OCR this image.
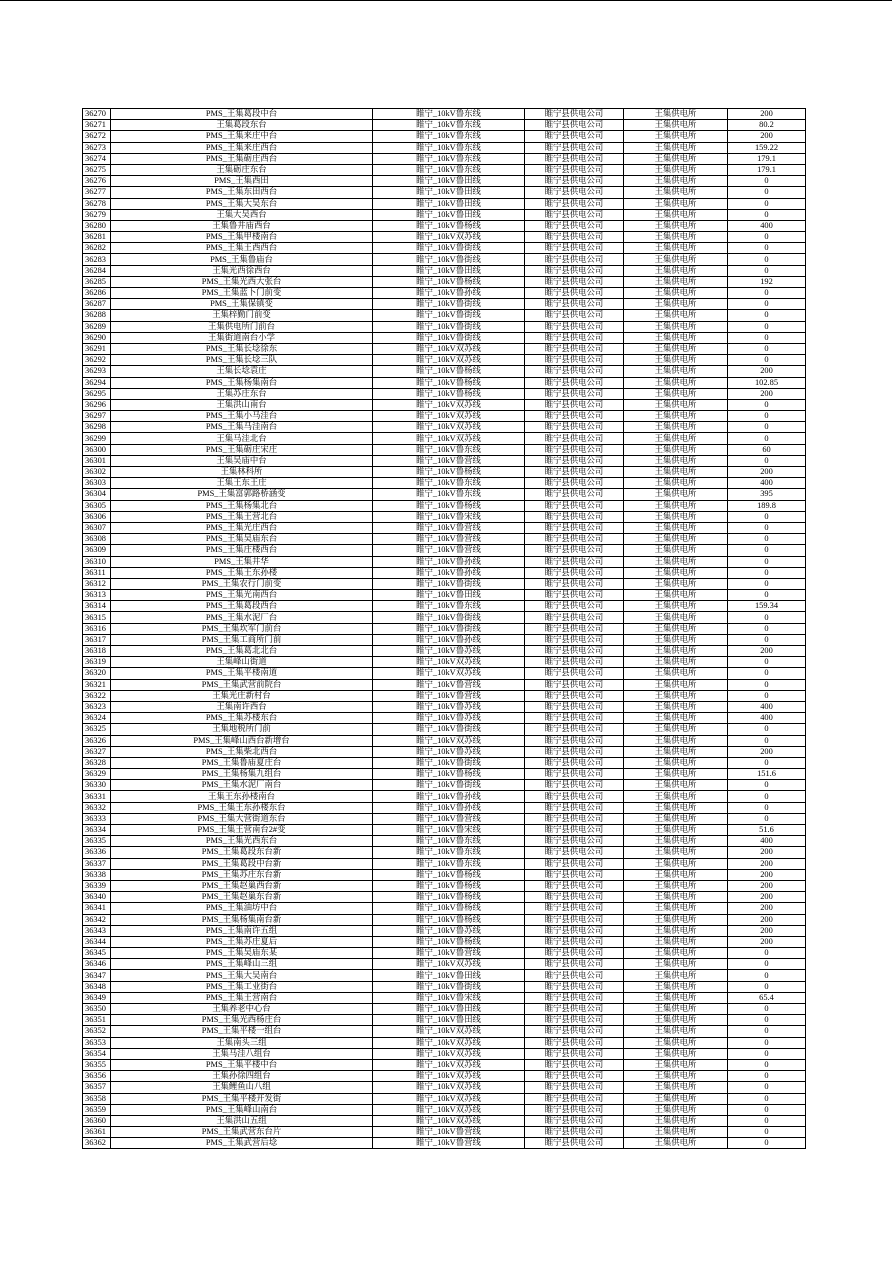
36270	PMS_王集葛段中台	睢宁_10kV鲁东线	睢宁县供电公司	王集供电所	200
36271	王集葛段东台	睢宁_10kV鲁东线	睢宁县供电公司	王集供电所	80.2
36272	PMS_王集来庄中台	睢宁_10kV鲁东线	睢宁县供电公司	王集供电所	200
36273	PMS_王集来庄西台	睢宁_10kV鲁东线	睢宁县供电公司	王集供电所	159.22
36274	PMS_王集砺庄西台	睢宁_10kV鲁东线	睢宁县供电公司	王集供电所	179.1
36275	王集砺庄东台	睢宁_10kV鲁东线	睢宁县供电公司	王集供电所	179.1
36276	PMS_王集西田	睢宁_10kV鲁田线	睢宁县供电公司	王集供电所	0
36277	PMS_王集东田西台	睢宁_10kV鲁田线	睢宁县供电公司	王集供电所	0
36278	PMS_王集大吴东台	睢宁_10kV鲁田线	睢宁县供电公司	王集供电所	0
36279	王集大吴西台	睢宁_10kV鲁田线	睢宁县供电公司	王集供电所	0
36280	王集鲁井庙西台	睢宁_10kV鲁杨线	睢宁县供电公司	王集供电所	400
36281	PMS_王集甲楼南台	睢宁_10kV双苏线	睢宁县供电公司	王集供电所	0
36282	PMS_王集王西西台	睢宁_10kV鲁街线	睢宁县供电公司	王集供电所	0
36283	PMS_王集鲁庙台	睢宁_10kV鲁街线	睢宁县供电公司	王集供电所	0
36284	王集光西徐西台	睢宁_10kV鲁田线	睢宁县供电公司	王集供电所	0
36285	PMS_王集光西大张台	睢宁_10kV鲁杨线	睢宁县供电公司	王集供电所	192
36286	PMS_王集蓝卜门前变	睢宁_10kV鲁孙线	睢宁县供电公司	王集供电所	0
36287	PMS_王集保镇变	睢宁_10kV鲁街线	睢宁县供电公司	王集供电所	0
36288	王集梓勤门前变	睢宁_10kV鲁街线	睢宁县供电公司	王集供电所	0
36289	王集供电所门前台	睢宁_10kV鲁街线	睢宁县供电公司	王集供电所	0
36290	王集街道南台小学	睢宁_10kV鲁街线	睢宁县供电公司	王集供电所	0
36291	PMS_王集长埝徐东	睢宁_10kV双苏线	睢宁县供电公司	王集供电所	0
36292	PMS_王集长埝三队	睢宁_10kV双苏线	睢宁县供电公司	王集供电所	0
36293	王集长埝袁庄	睢宁_10kV鲁杨线	睢宁县供电公司	王集供电所	200
36294	PMS_王集杨集南台	睢宁_10kV鲁杨线	睢宁县供电公司	王集供电所	102.85
36295	王集苏庄东台	睢宁_10kV鲁杨线	睢宁县供电公司	王集供电所	200
36296	王集洪山南台	睢宁_10kV双苏线	睢宁县供电公司	王集供电所	0
36297	PMS_王集小马洼台	睢宁_10kV双苏线	睢宁县供电公司	王集供电所	0
36298	PMS_王集马洼南台	睢宁_10kV双苏线	睢宁县供电公司	王集供电所	0
36299	王集马洼北台	睢宁_10kV双苏线	睢宁县供电公司	王集供电所	0
36300	PMS_王集砺庄宋庄	睢宁_10kV鲁东线	睢宁县供电公司	王集供电所	60
36301	王集吴庙中台	睢宁_10kV鲁营线	睢宁县供电公司	王集供电所	0
36302	王集林科所	睢宁_10kV鲁杨线	睢宁县供电公司	王集供电所	200
36303	王集王东王庄	睢宁_10kV鲁东线	睢宁县供电公司	王集供电所	400
36304	PMS_王集富郭路桥涵变	睢宁_10kV鲁东线	睢宁县供电公司	王集供电所	395
36305	PMS_王集杨集北台	睢宁_10kV鲁杨线	睢宁县供电公司	王集供电所	189.8
36306	PMS_王集王营北台	睢宁_10kV鲁宋线	睢宁县供电公司	王集供电所	0
36307	PMS_王集光庄西台	睢宁_10kV鲁营线	睢宁县供电公司	王集供电所	0
36308	PMS_王集吴庙东台	睢宁_10kV鲁营线	睢宁县供电公司	王集供电所	0
36309	PMS_王集庄楼西台	睢宁_10kV鲁营线	睢宁县供电公司	王集供电所	0
36310	PMS_王集井华	睢宁_10kV鲁孙线	睢宁县供电公司	王集供电所	0
36311	PMS_王集王东孙楼	睢宁_10kV鲁孙线	睢宁县供电公司	王集供电所	0
36312	PMS_王集农行门前变	睢宁_10kV鲁街线	睢宁县供电公司	王集供电所	0
36313	PMS_王集光南西台	睢宁_10kV鲁田线	睢宁县供电公司	王集供电所	0
36314	PMS_王集葛段西台	睢宁_10kV鲁东线	睢宁县供电公司	王集供电所	159.34
36315	PMS_王集水泥厂台	睢宁_10kV鲁街线	睢宁县供电公司	王集供电所	0
36316	PMS_王集坎军门前台	睢宁_10kV鲁街线	睢宁县供电公司	王集供电所	0
36317	PMS_王集工商所门前	睢宁_10kV鲁孙线	睢宁县供电公司	王集供电所	0
36318	PMS_王集葛北北台	睢宁_10kV鲁苏线	睢宁县供电公司	王集供电所	200
36319	王集峰山街道	睢宁_10kV双苏线	睢宁县供电公司	王集供电所	0
36320	PMS_王集平楼南道	睢宁_10kV双苏线	睢宁县供电公司	王集供电所	0
36321	PMS_王集武营前院台	睢宁_10kV鲁营线	睢宁县供电公司	王集供电所	0
36322	王集光庄新村台	睢宁_10kV鲁营线	睢宁县供电公司	王集供电所	0
36323	王集南许西台	睢宁_10kV鲁苏线	睢宁县供电公司	王集供电所	400
36324	PMS_王集苏楼东台	睢宁_10kV鲁苏线	睢宁县供电公司	王集供电所	400
36325	王集地税所门前	睢宁_10kV鲁街线	睢宁县供电公司	王集供电所	0
36326	PMS_王集峰山西台新增台	睢宁_10kV双苏线	睢宁县供电公司	王集供电所	0
36327	PMS_王集柴北西台	睢宁_10kV鲁苏线	睢宁县供电公司	王集供电所	200
36328	PMS_王集鲁庙夏庄台	睢宁_10kV鲁街线	睢宁县供电公司	王集供电所	0
36329	PMS_王集杨集九组台	睢宁_10kV鲁杨线	睢宁县供电公司	王集供电所	151.6
36330	PMS_王集水泥厂南台	睢宁_10kV鲁街线	睢宁县供电公司	王集供电所	0
36331	王集王东孙楼南台	睢宁_10kV鲁孙线	睢宁县供电公司	王集供电所	0
36332	PMS_王集王东孙楼东台	睢宁_10kV鲁孙线	睢宁县供电公司	王集供电所	0
36333	PMS_王集大营街道东台	睢宁_10kV鲁营线	睢宁县供电公司	王集供电所	0
36334	PMS_王集王营南台2#变	睢宁_10kV鲁宋线	睢宁县供电公司	王集供电所	51.6
36335	PMS_王集光西东台	睢宁_10kV鲁东线	睢宁县供电公司	王集供电所	400
36336	PMS_王集葛段东台新	睢宁_10kV鲁东线	睢宁县供电公司	王集供电所	200
36337	PMS_王集葛段中台新	睢宁_10kV鲁东线	睢宁县供电公司	王集供电所	200
36338	PMS_王集苏庄东台新	睢宁_10kV鲁杨线	睢宁县供电公司	王集供电所	200
36339	PMS_王集赵巢西台新	睢宁_10kV鲁杨线	睢宁县供电公司	王集供电所	200
36340	PMS_王集赵巢东台新	睢宁_10kV鲁杨线	睢宁县供电公司	王集供电所	200
36341	PMS_王集油坊中台	睢宁_10kV鲁杨线	睢宁县供电公司	王集供电所	200
36342	PMS_王集杨集南台新	睢宁_10kV鲁杨线	睢宁县供电公司	王集供电所	200
36343	PMS_王集南许五组	睢宁_10kV鲁苏线	睢宁县供电公司	王集供电所	200
36344	PMS_王集苏庄夏后	睢宁_10kV鲁杨线	睢宁县供电公司	王集供电所	200
36345	PMS_王集吴庙东某	睢宁_10kV鲁营线	睢宁县供电公司	王集供电所	0
36346	PMS_王集峰山三组	睢宁_10kV双苏线	睢宁县供电公司	王集供电所	0
36347	PMS_王集大吴南台	睢宁_10kV鲁田线	睢宁县供电公司	王集供电所	0
36348	PMS_王集工业街台	睢宁_10kV鲁街线	睢宁县供电公司	王集供电所	0
36349	PMS_王集王营南台	睢宁_10kV鲁宋线	睢宁县供电公司	王集供电所	65.4
36350	王集养老中心台	睢宁_10kV鲁田线	睢宁县供电公司	王集供电所	0
36351	PMS_王集光西杨庄台	睢宁_10kV鲁田线	睢宁县供电公司	王集供电所	0
36352	PMS_王集平楼一组台	睢宁_10kV双苏线	睢宁县供电公司	王集供电所	0
36353	王集南头三组	睢宁_10kV双苏线	睢宁县供电公司	王集供电所	0
36354	王集马洼八组台	睢宁_10kV双苏线	睢宁县供电公司	王集供电所	0
36355	PMS_王集平楼中台	睢宁_10kV双苏线	睢宁县供电公司	王集供电所	0
36356	王集孙徐四组台	睢宁_10kV双苏线	睢宁县供电公司	王集供电所	0
36357	王集鲤鱼山八组	睢宁_10kV双苏线	睢宁县供电公司	王集供电所	0
36358	PMS_王集平楼开发街	睢宁_10kV双苏线	睢宁县供电公司	王集供电所	0
36359	PMS_王集峰山南台	睢宁_10kV双苏线	睢宁县供电公司	王集供电所	0
36360	王集洪山五组	睢宁_10kV双苏线	睢宁县供电公司	王集供电所	0
36361	PMS_王集武营东台片	睢宁_10kV鲁营线	睢宁县供电公司	王集供电所	0
36362	PMS_王集武营后埝	睢宁_10kV鲁营线	睢宁县供电公司	王集供电所	0
